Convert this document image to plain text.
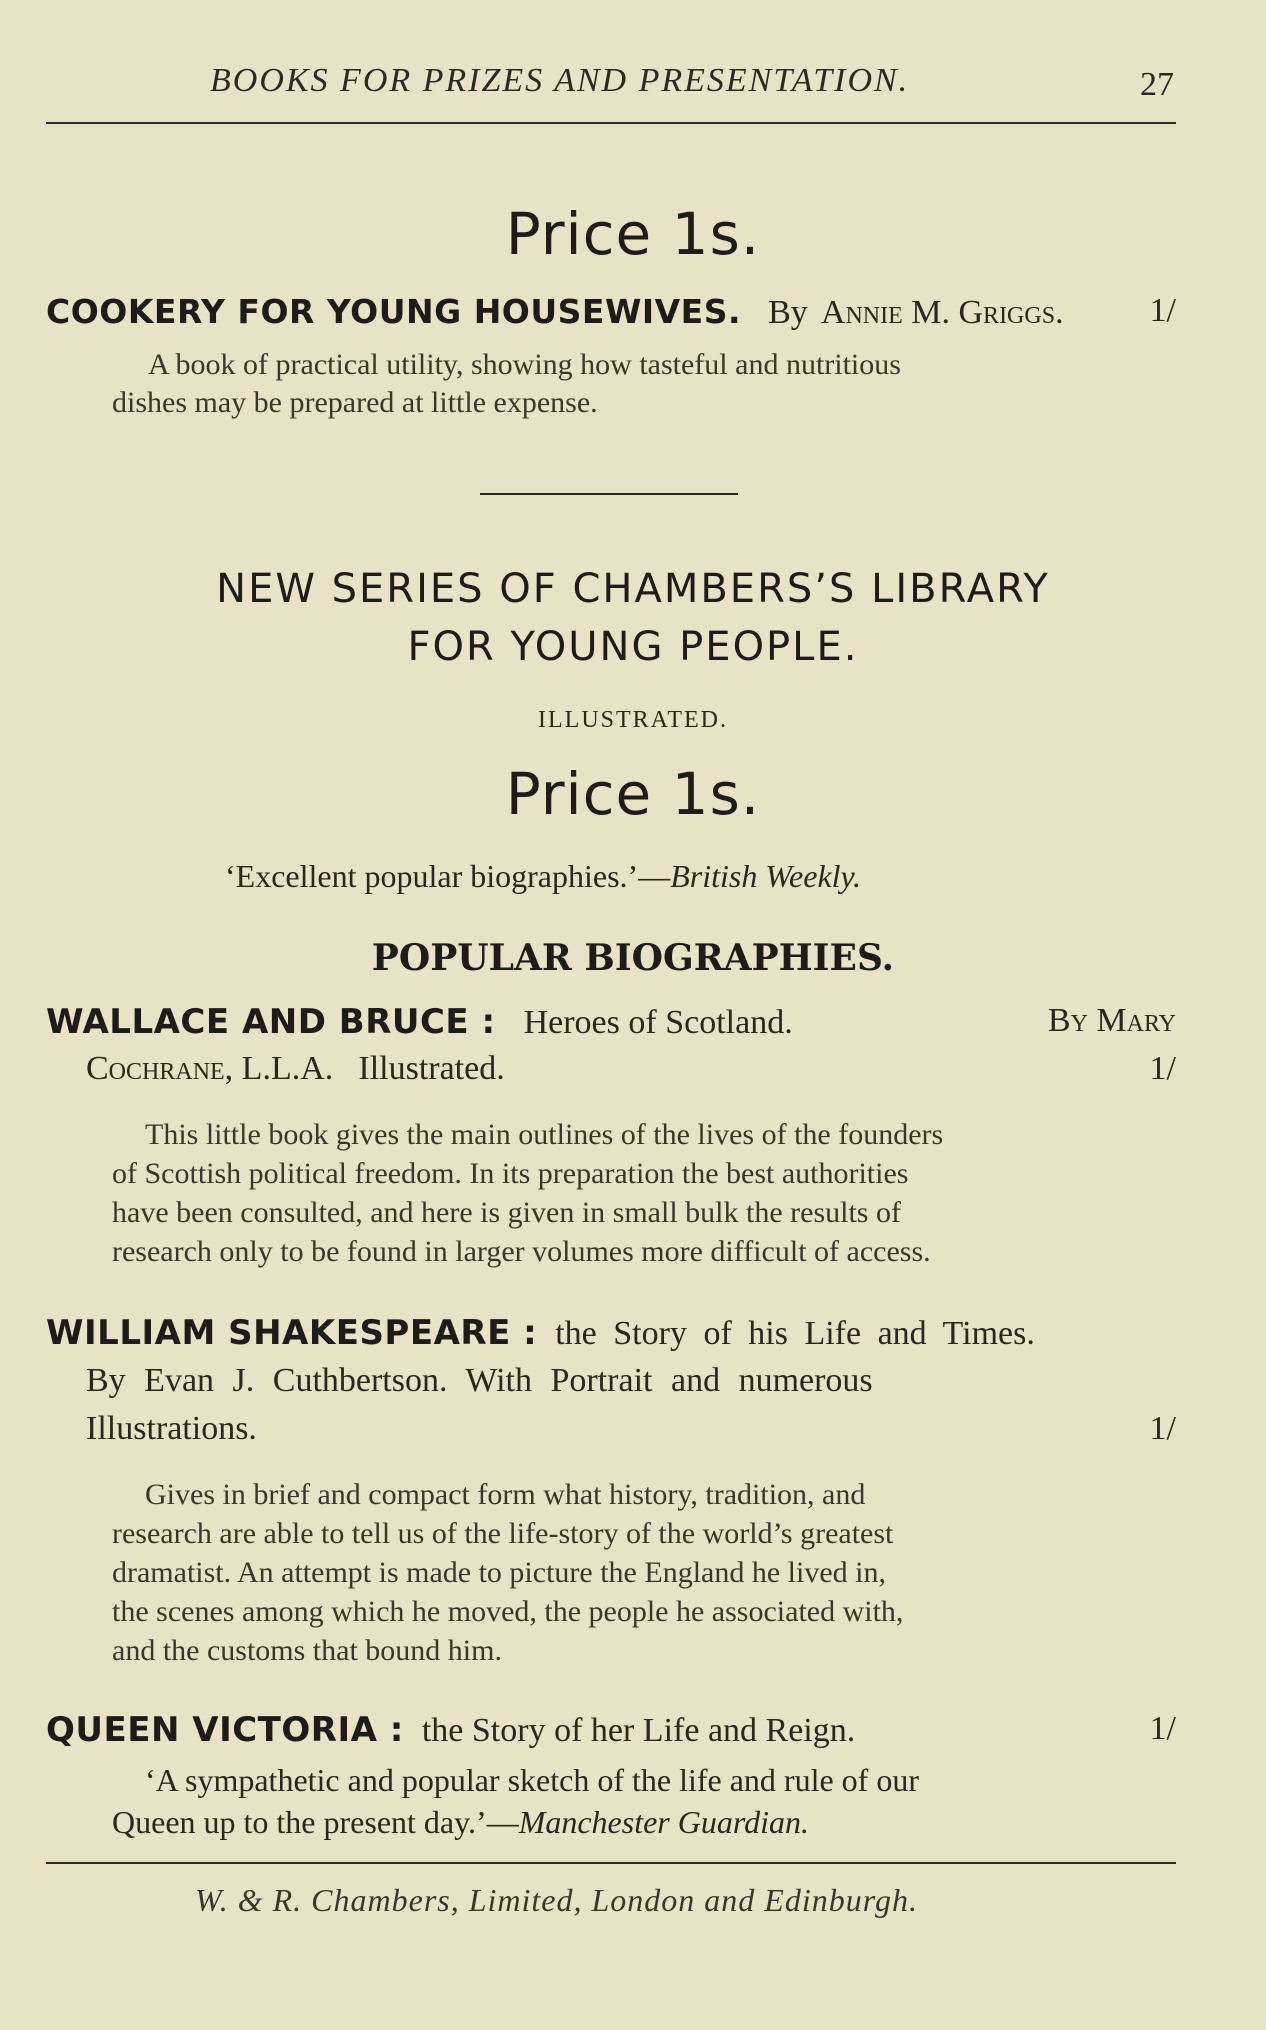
BOOKS FOR PRIZES AND PRESENTATION.	27
Price 1s.
COOKERY FOR YOUNG HOUSEWIVES. By Annie M. Griggs.	1/
A book of practical utility, showing how tasteful and nutritious
dishes may be prepared at little expense.
NEW SERIES OF CHAMBERS’S LIBRARY
FOR YOUNG PEOPLE.
ILLUSTRATED.
Price 1s.
‘Excellent popular biographies.’—British Weekly.
POPULAR BIOGRAPHIES.
WALLACE AND BRUCE : Heroes of Scotland.	By Mary
Cochrane, L.L.A. Illustrated.	1/
This little book gives the main outlines of the lives of the founders
of Scottish political freedom. In its preparation the best authorities
have been consulted, and here is given in small bulk the results of
research only to be found in larger volumes more difficult of access.
WILLIAM SHAKESPEARE : the Story of his Life and Times.
By Evan J. Cuthbertson. With Portrait and numerous
Illustrations.	1/
Gives in brief and compact form what history, tradition, and
research are able to tell us of the life-story of the world’s greatest
dramatist. An attempt is made to picture the England he lived in,
the scenes among which he moved, the people he associated with,
and the customs that bound him.
QUEEN VICTORIA : the Story of her Life and Reign.	1/
‘A sympathetic and popular sketch of the life and rule of our
Queen up to the present day.’—Manchester Guardian.
W. & R. Chambers, Limited, London and Edinburgh.
